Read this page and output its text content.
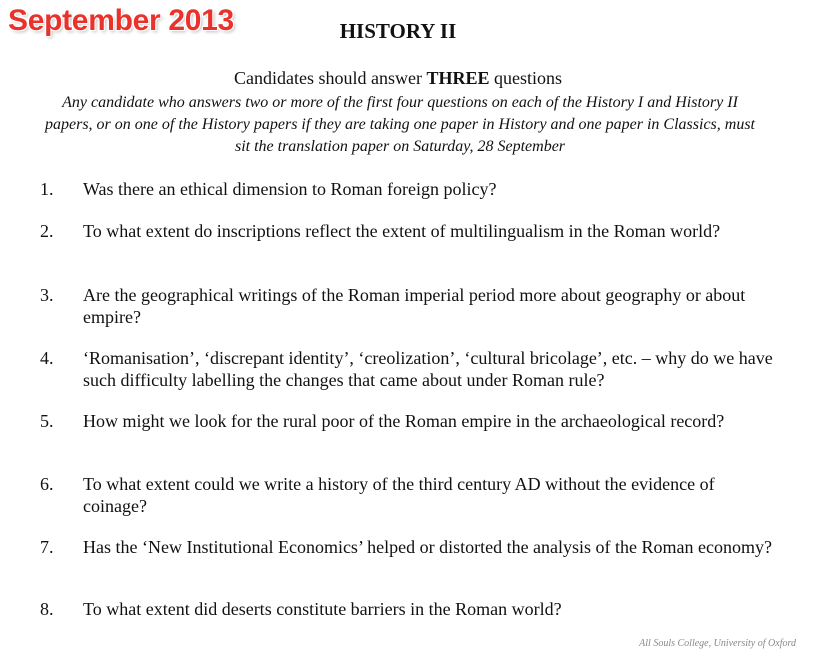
September 2013	HISTORY II
Candidates should answer THREE questions
Any candidate who answers two or more of the first four questions on each of the History I and History II papers, or on one of the History papers if they are taking one paper in History and one paper in Classics, must sit the translation paper on Saturday, 28 September
1.	Was there an ethical dimension to Roman foreign policy?
2.	To what extent do inscriptions reflect the extent of multilingualism in the Roman world?
3.	Are the geographical writings of the Roman imperial period more about geography or about empire?
4.	‘Romanisation’, ‘discrepant identity’, ‘creolization’, ‘cultural bricolage’, etc. – why do we have such difficulty labelling the changes that came about under Roman rule?
5.	How might we look for the rural poor of the Roman empire in the archaeological record?
6.	To what extent could we write a history of the third century AD without the evidence of coinage?
7.	Has the ‘New Institutional Economics’ helped or distorted the analysis of the Roman economy?
8.	To what extent did deserts constitute barriers in the Roman world?
All Souls College, University of Oxford
